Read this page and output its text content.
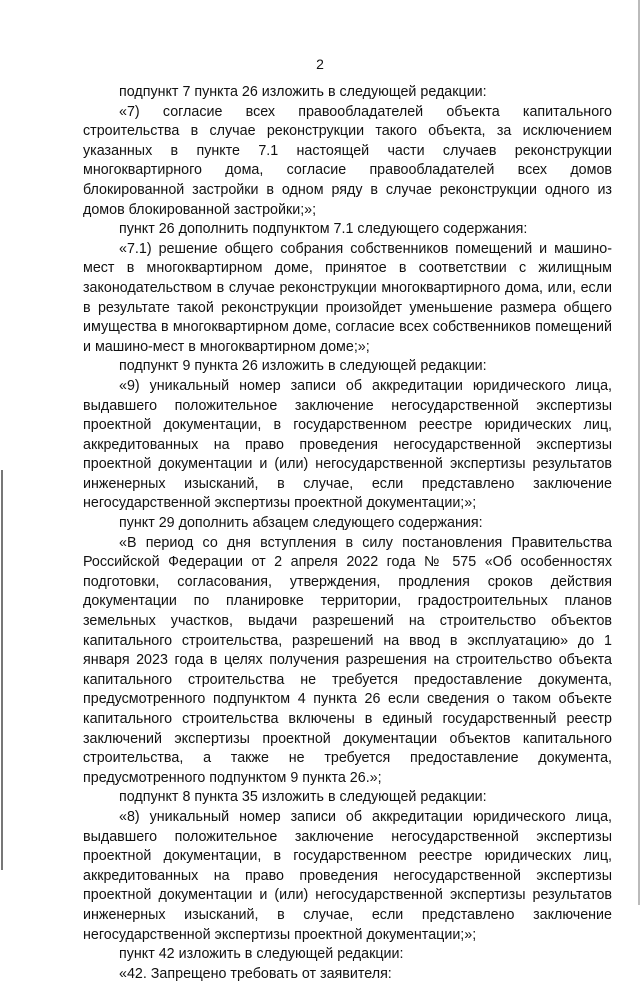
2

подпункт 7 пункта 26 изложить в следующей редакции:

«7) согласие всех правообладателей объекта капитального строительства в случае реконструкции такого объекта, за исключением указанных в пункте 7.1 настоящей части случаев реконструкции многоквартирного дома, согласие правообладателей всех домов блокированной застройки в одном ряду в случае реконструкции одного из домов блокированной застройки;»;

пункт 26 дополнить подпунктом 7.1 следующего содержания:

«7.1) решение общего собрания собственников помещений и машино-мест в многоквартирном доме, принятое в соответствии с жилищным законодательством в случае реконструкции многоквартирного дома, или, если в результате такой реконструкции произойдет уменьшение размера общего имущества в многоквартирном доме, согласие всех собственников помещений и машино-мест в многоквартирном доме;»;

подпункт 9 пункта 26 изложить в следующей редакции:

«9) уникальный номер записи об аккредитации юридического лица, выдавшего положительное заключение негосударственной экспертизы проектной документации, в государственном реестре юридических лиц, аккредитованных на право проведения негосударственной экспертизы проектной документации и (или) негосударственной экспертизы результатов инженерных изысканий, в случае, если представлено заключение негосударственной экспертизы проектной документации;»;

пункт 29 дополнить абзацем следующего содержания:

«В период со дня вступления в силу постановления Правительства Российской Федерации от 2 апреля 2022 года № 575 «Об особенностях подготовки, согласования, утверждения, продления сроков действия документации по планировке территории, градостроительных планов земельных участков, выдачи разрешений на строительство объектов капитального строительства, разрешений на ввод в эксплуатацию» до 1 января 2023 года в целях получения разрешения на строительство объекта капитального строительства не требуется предоставление документа, предусмотренного подпунктом 4 пункта 26 если сведения о таком объекте капитального строительства включены в единый государственный реестр заключений экспертизы проектной документации объектов капитального строительства, а также не требуется предоставление документа, предусмотренного подпунктом 9 пункта 26.»;

подпункт 8 пункта 35 изложить в следующей редакции:

«8) уникальный номер записи об аккредитации юридического лица, выдавшего положительное заключение негосударственной экспертизы проектной документации, в государственном реестре юридических лиц, аккредитованных на право проведения негосударственной экспертизы проектной документации и (или) негосударственной экспертизы результатов инженерных изысканий, в случае, если представлено заключение негосударственной экспертизы проектной документации;»;

пункт 42 изложить в следующей редакции:

«42. Запрещено требовать от заявителя:
